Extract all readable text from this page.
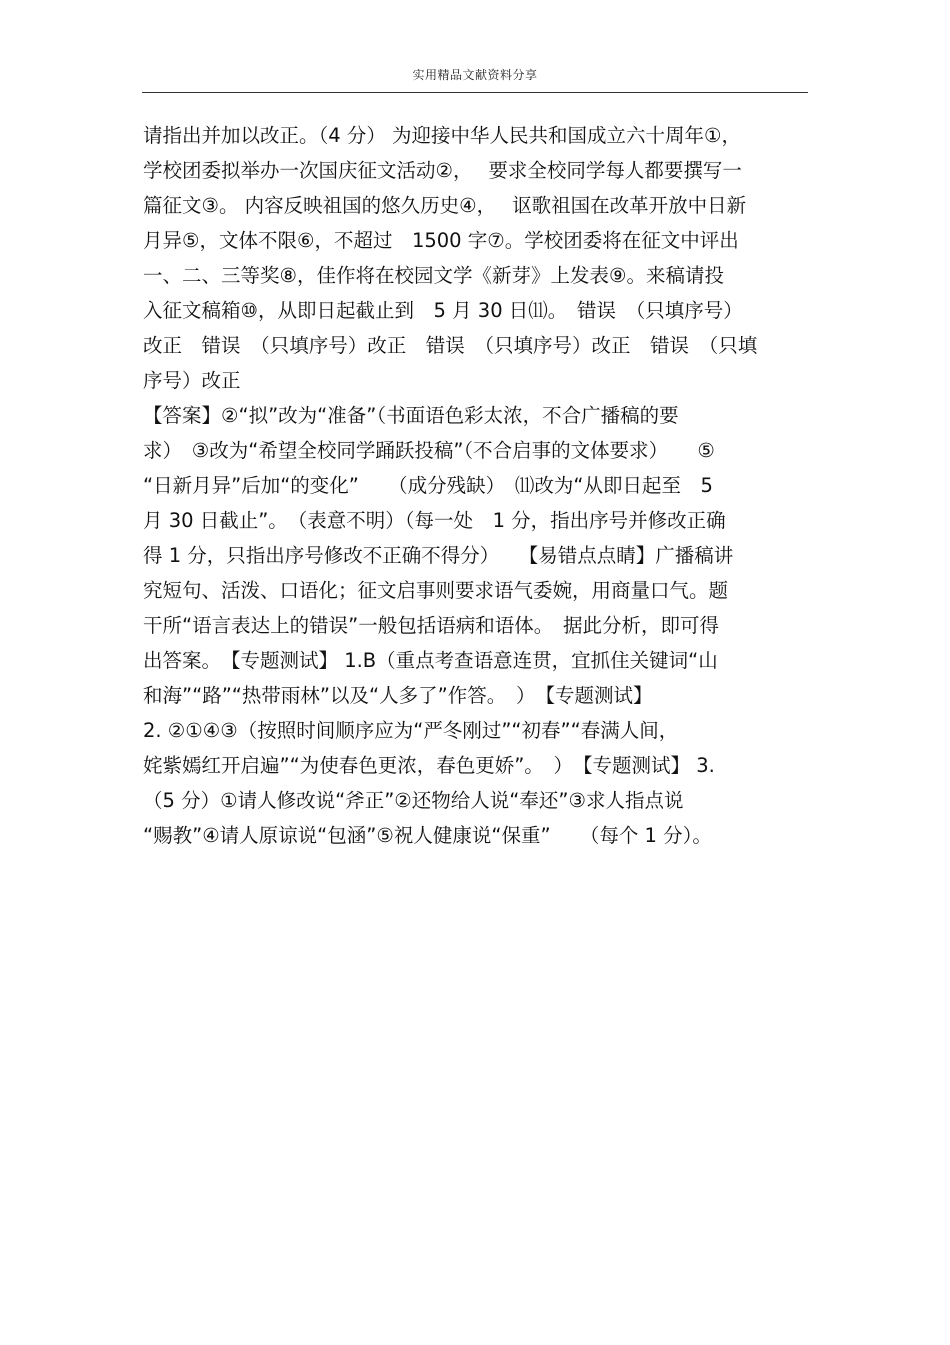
实用精品文献资料分享
请指出并加以改正。（4 分） 为迎接中华人民共和国成立六十周年①，
学校团委拟举办一次国庆征文活动②，　 要求全校同学每人都要撰写一
篇征文③。 内容反映祖国的悠久历史④，　 讴歌祖国在改革开放中日新
月异⑤，文体不限⑥，不超过　1500 字⑦。学校团委将在征文中评出
一、二、三等奖⑧，佳作将在校园文学《新芽》上发表⑨。来稿请投
入征文稿箱⑩，从即日起截止到　5 月 30 日⑾。　错误　（只填序号）
改正　错误　（只填序号）改正　错误　（只填序号）改正　错误　（只填
序号）改正
【答案】②“拟”改为“准备”（书面语色彩太浓，不合广播稿的要
求）　③改为“希望全校同学踊跃投稿”（不合启事的文体要求）　　⑤
“日新月异”后加“的变化”　　（成分残缺）　⑾改为“从即日起至　5
月 30 日截止”。　（表意不明）（每一处　1 分，指出序号并修改正确
得 1 分，只指出序号修改不正确不得分）　　【易错点点睛】广播稿讲
究短句、活泼、口语化；征文启事则要求语气委婉，用商量口气。题
干所“语言表达上的错误”一般包括语病和语体。　据此分析，即可得
出答案。　【专题测试】 1.B（重点考查语意连贯，宜抓住关键词“山
和海”“路”“热带雨林”以及“人多了”作答。　）　【专题测试】
2. ②①④③（按照时间顺序应为“严冬刚过”“初春”“春满人间，
姹紫嫣红开启遍”“为使春色更浓，春色更娇”。　）　【专题测试】 3.
（5 分）①请人修改说“斧正”②还物给人说“奉还”③求人指点说
“赐教”④请人原谅说“包涵”⑤祝人健康说“保重”　　（每个 1 分）。
